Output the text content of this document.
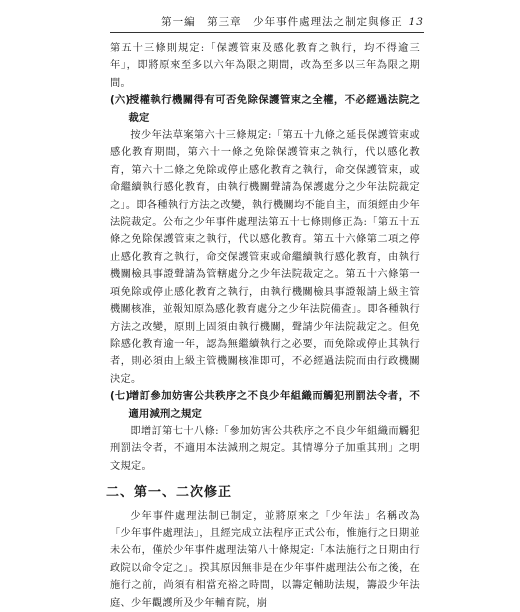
第一編　第三章　少年事件處理法之制定與修正 13

第五十三條則規定:「保護管束及感化教育之執行，均不得逾三年」，即將原來至多以六年為限之期間，改為至多以三年為限之期間。

(六)授權執行機關得有可否免除保護管束之全權，不必經過法院之裁定

按少年法草案第六十三條規定:「第五十九條之延長保護管束或感化教育期間，第六十一條之免除保護管束之執行，代以感化教育，第六十二條之免除或停止感化教育之執行，命交保護管束，或命繼續執行感化教育，由執行機關聲請為保護處分之少年法院裁定之」。即各種執行方法之改變，執行機關均不能自主，而須經由少年法院裁定。公布之少年事件處理法第五十七條則修正為:「第五十五條之免除保護管束之執行，代以感化教育。第五十六條第二項之停止感化教育之執行，命交保護管束或命繼續執行感化教育，由執行機關檢具事證聲請為管轄處分之少年法院裁定之。第五十六條第一項免除或停止感化教育之執行，由執行機關檢具事證報請上級主管機關核准，並報知原為感化教育處分之少年法院備查」。即各種執行方法之改變，原則上固須由執行機關，聲請少年法院裁定之。但免除感化教育逾一年，認為無繼續執行之必要，而免除或停止其執行者，則必須由上級主管機關核准即可，不必經過法院而由行政機關決定。

(七)增訂參加妨害公共秩序之不良少年組織而觸犯刑罰法令者，不適用減刑之規定

即增訂第七十八條:「參加妨害公共秩序之不良少年組織而觸犯刑罰法令者，不適用本法減刑之規定。其情導分子加重其刑」之明文規定。

二、第一、二次修正

少年事件處理法制已制定，並將原來之「少年法」名稱改為「少年事件處理法」，且經完成立法程序正式公布，惟施行之日期並未公布，僅於少年事件處理法第八十條規定:「本法施行之日期由行政院以命令定之」。揆其原因無非是在少年事件處理法公布之後，在施行之前，尚須有相當充裕之時間，以籌定輔助法規，籌設少年法庭、少年觀護所及少年輔育院，崩
